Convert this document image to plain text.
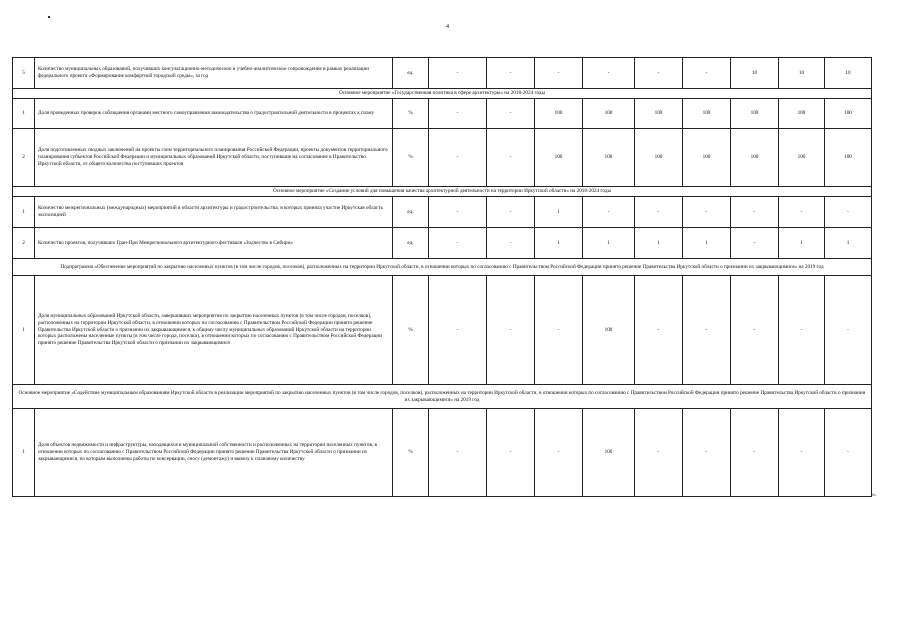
4
5	Количество муниципальных образований, получивших консультационно-методическое и учебно-аналитическое сопровождение в рамках реализации федерального проекта «Формирование комфортной городской среды», за год	ед.	-	-	-	-	-	-	10	10	10
Основное мероприятие «Государственная политика в сфере архитектуры» на 2018-2024 годы											
1	Доля проведенных проверок соблюдения органами местного самоуправления законодательства о градостроительной деятельности в процентах к плану	%	-	-	100	100	100	100	100	100	100
2	Доля подготовленных сводных заключений на проекты схем территориального планирования Российской Федерации, проекты документов территориального планирования субъектов Российской Федерации и муниципальных образований Иркутской области, поступившие на согласование в Правительство Иркутской области, от общего количества поступивших проектов	%	-	-	100	100	100	100	100	100	100
Основное мероприятие «Создание условий для повышения качества архитектурной деятельности на территории Иркутской области» на 2018-2024 годы											
1	Количество межрегиональных (международных) мероприятий в области архитектуры и градостроительства, в которых приняла участие Иркутская область экспозицией	ед.	-	-	1	-	-	-	-	-	-
2	Количество проектов, получивших Гран-При Межрегионального архитектурного фестиваля «Зодчество в Сибири»	ед.	-	-	1	1	1	1	-	1	1
Подпрограмма «Обеспечение мероприятий по закрытию населенных пунктов (в том числе городов, поселков), расположенных на территории Иркутской области, в отношении которых по согласованию с Правительством Российской Федерации принято решение Правительства Иркутской области о признании их закрывающимися» на 2019 год											
1	Доля муниципальных образований Иркутской области, завершивших мероприятия по закрытию населенных пунктов (в том числе городов, поселков), расположенных на территории Иркутской области, в отношении которых по согласованию с Правительством Российской Федерации принято решение Правительства Иркутской области о признании их закрывающимися, к общему числу муниципальных образований Иркутской области на территории которых расположены населенные пункты (в том числе города, поселки), в отношении которых по согласованию с Правительством Российской Федерации принято решение Правительства Иркутской области о признании их закрывающимися	%	-	-	-	100	-	-	-	-	-
Основное мероприятие «Содействие муниципальным образованиям Иркутской области в реализации мероприятий по закрытию населенных пунктов (в том числе городов, поселков), расположенных на территории Иркутской области, в отношении которых по согласованию с Правительством Российской Федерации принято решение Правительства Иркутской области о признании их закрывающимися» на 2019 год											
1	Доля объектов недвижимости и инфраструктуры, находящихся в муниципальной собственности и расположенных на территории населенных пунктов, в отношении которых по согласованию с Правительством Российской Федерации принято решение Правительства Иркутской области о признании их закрывающимися, по которым выполнены работы по консервации, сносу (демонтажу) и вывозу к плановому количеству	%	-	-	-	100	-	-	-	-	-
».
